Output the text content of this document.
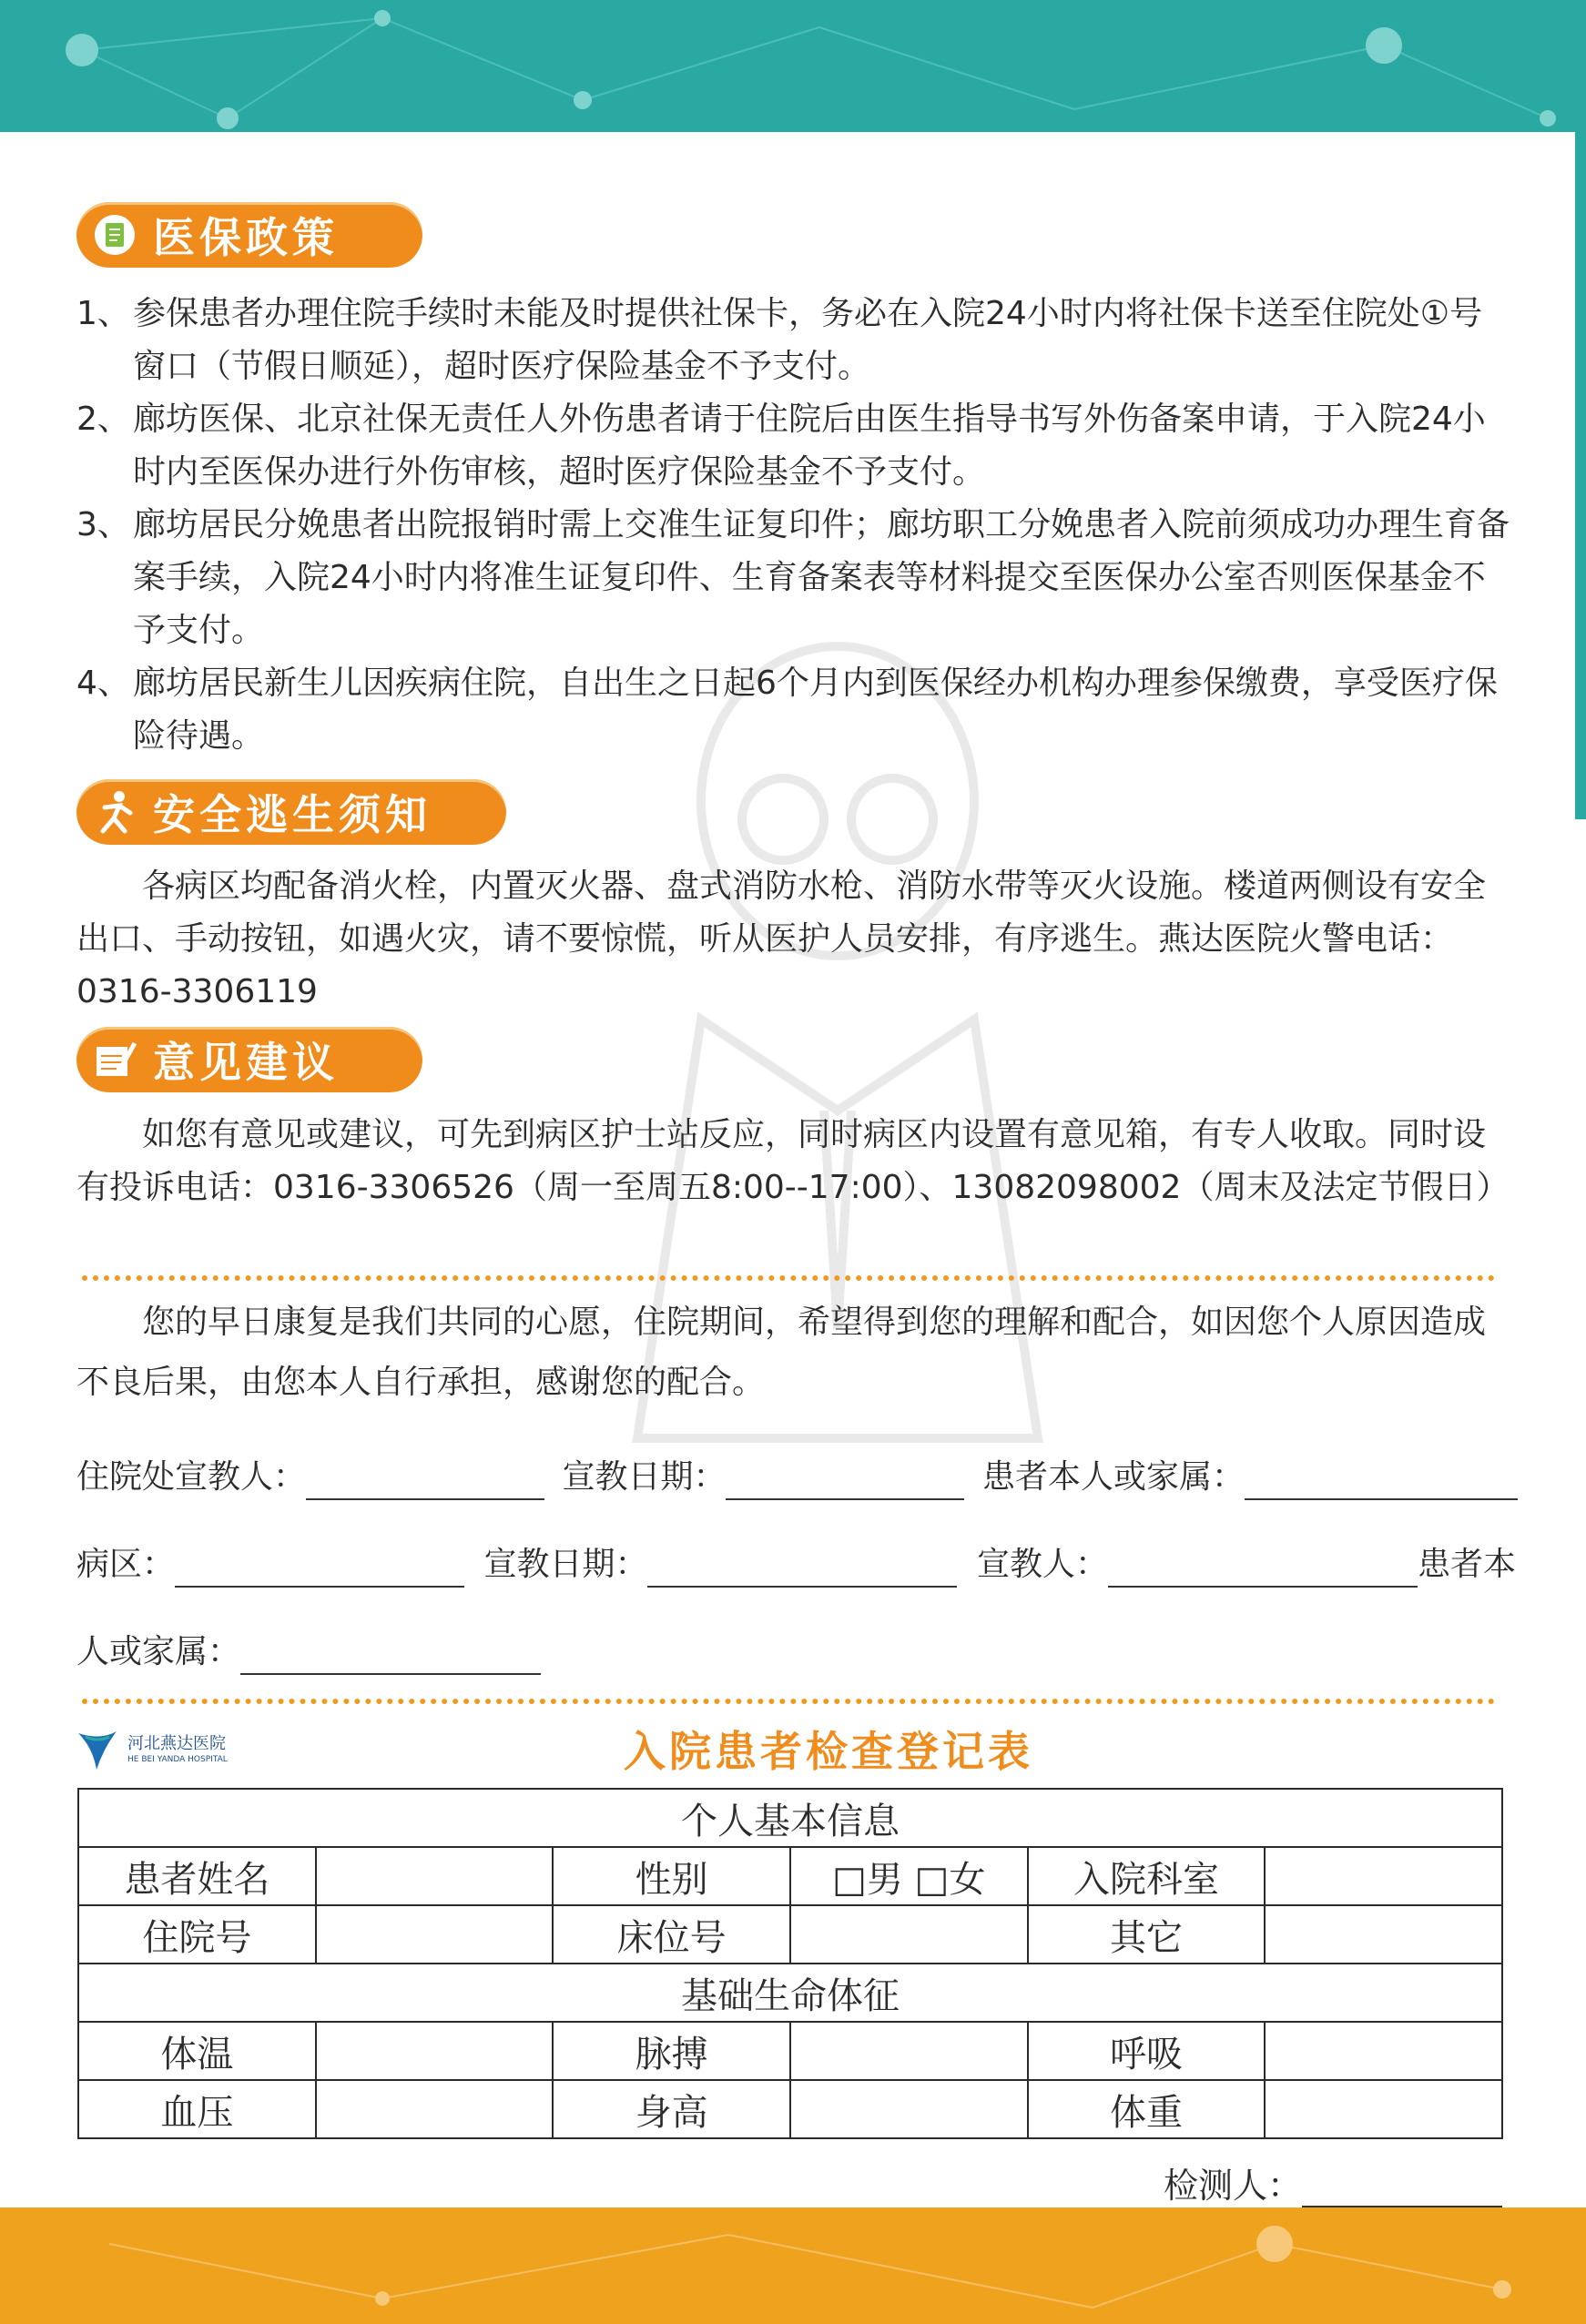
医保政策
1、 参保患者办理住院手续时未能及时提供社保卡，务必在入院24小时内将社保卡送至住院处①号窗口（节假日顺延），超时医疗保险基金不予支付。
2、 廊坊医保、北京社保无责任人外伤患者请于住院后由医生指导书写外伤备案申请，于入院24小时内至医保办进行外伤审核，超时医疗保险基金不予支付。
3、 廊坊居民分娩患者出院报销时需上交准生证复印件；廊坊职工分娩患者入院前须成功办理生育备案手续，入院24小时内将准生证复印件、生育备案表等材料提交至医保办公室否则医保基金不予支付。
4、 廊坊居民新生儿因疾病住院，自出生之日起6个月内到医保经办机构办理参保缴费，享受医疗保险待遇。
安全逃生须知
各病区均配备消火栓，内置灭火器、盘式消防水枪、消防水带等灭火设施。楼道两侧设有安全出口、手动按钮，如遇火灾，请不要惊慌，听从医护人员安排，有序逃生。燕达医院火警电话：0316-3306119
意见建议
如您有意见或建议，可先到病区护士站反应，同时病区内设置有意见箱，有专人收取。同时设有投诉电话：0316-3306526（周一至周五8:00--17:00）、13082098002（周末及法定节假日）
您的早日康复是我们共同的心愿，住院期间，希望得到您的理解和配合，如因您个人原因造成不良后果，由您本人自行承担，感谢您的配合。
住院处宣教人：	宣教日期：	患者本人或家属：
病区：	宣教日期：	宣教人：	患者本
人或家属：
河北燕达医院
HE BEI YANDA HOSPITAL	入院患者检查登记表
个人基本信息					
患者姓名		性别	□男 □女	入院科室	
住院号		床位号		其它	
基础生命体征					
体温		脉搏		呼吸	
血压		身高		体重	
检测人：
